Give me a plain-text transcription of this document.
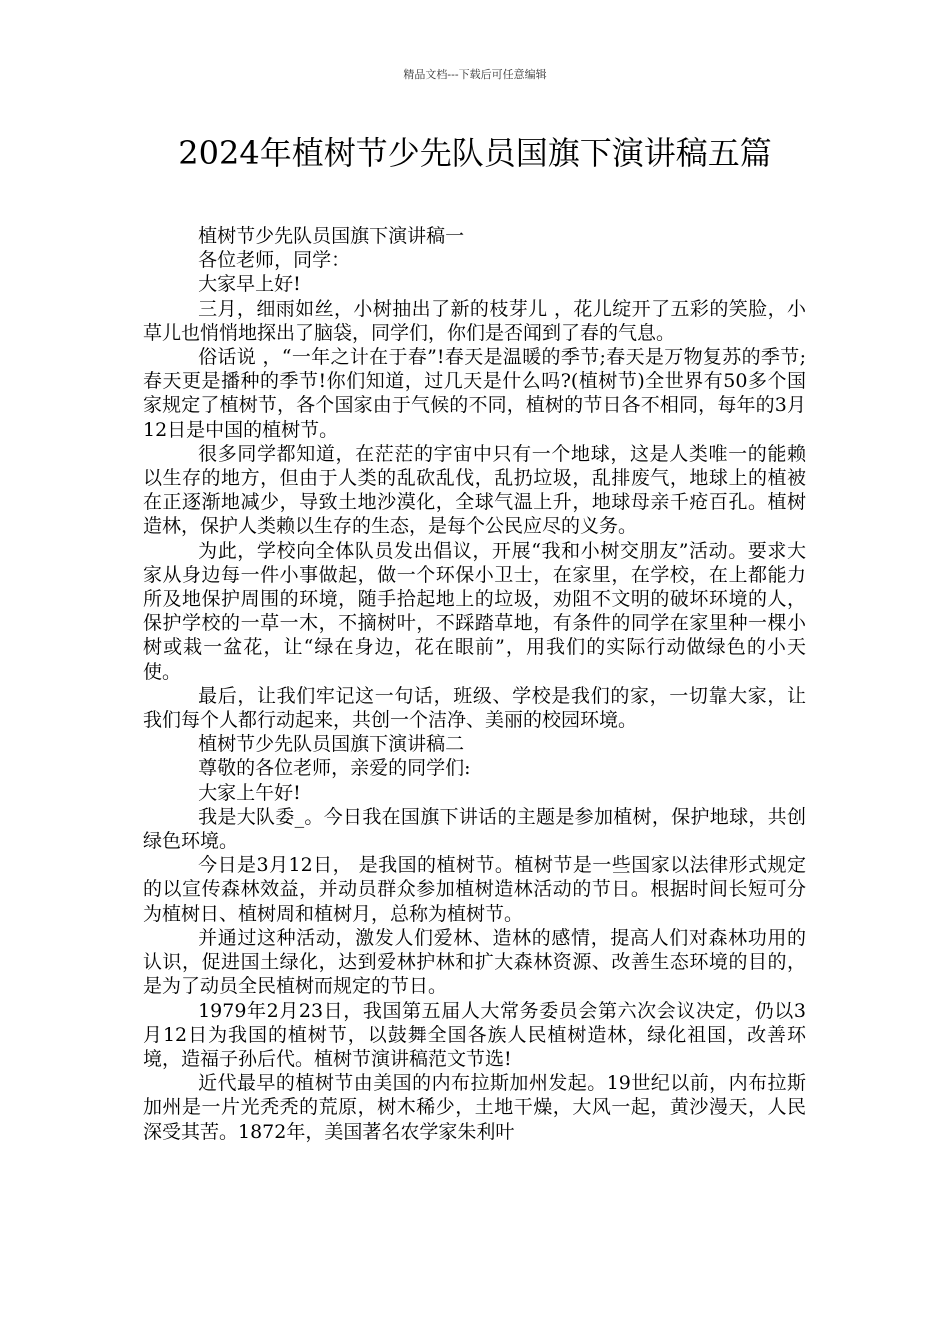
精品文档---下载后可任意编辑
2024年植树节少先队员国旗下演讲稿五篇

植树节少先队员国旗下演讲稿一

各位老师，同学：

大家早上好!

三月，细雨如丝，小树抽出了新的枝芽儿 ，花儿绽开了五彩的笑脸，小草儿也悄悄地探出了脑袋，同学们，你们是否闻到了春的气息。

俗话说 ，“一年之计在于春”!春天是温暖的季节;春天是万物复苏的季节;春天更是播种的季节!你们知道，过几天是什么吗?(植树节)全世界有50多个国家规定了植树节，各个国家由于气候的不同，植树的节日各不相同，每年的3月12日是中国的植树节。

很多同学都知道，在茫茫的宇宙中只有一个地球，这是人类唯一的能赖以生存的地方，但由于人类的乱砍乱伐，乱扔垃圾，乱排废气，地球上的植被在正逐渐地减少，导致土地沙漠化，全球气温上升，地球母亲千疮百孔。植树造林，保护人类赖以生存的生态，是每个公民应尽的义务。

为此，学校向全体队员发出倡议，开展“我和小树交朋友”活动。要求大家从身边每一件小事做起，做一个环保小卫士，在家里，在学校，在上都能力所及地保护周围的环境，随手拾起地上的垃圾，劝阻不文明的破坏环境的人，保护学校的一草一木，不摘树叶，不踩踏草地，有条件的同学在家里种一棵小树或栽一盆花，让“绿在身边，花在眼前”，用我们的实际行动做绿色的小天使。

最后，让我们牢记这一句话，班级、学校是我们的家，一切靠大家，让我们每个人都行动起来，共创一个洁净、美丽的校园环境。

植树节少先队员国旗下演讲稿二

尊敬的各位老师，亲爱的同学们:

大家上午好!

我是大队委_。今日我在国旗下讲话的主题是参加植树，保护地球，共创绿色环境。

今日是3月12日， 是我国的植树节。植树节是一些国家以法律形式规定的以宣传森林效益，并动员群众参加植树造林活动的节日。根据时间长短可分为植树日、植树周和植树月，总称为植树节。

并通过这种活动，激发人们爱林、造林的感情，提高人们对森林功用的认识，促进国土绿化，达到爱林护林和扩大森林资源、改善生态环境的目的，是为了动员全民植树而规定的节日。

1979年2月23日，我国第五届人大常务委员会第六次会议决定，仍以3月12日为我国的植树节，以鼓舞全国各族人民植树造林，绿化祖国，改善环境，造福子孙后代。植树节演讲稿范文节选!

近代最早的植树节由美国的内布拉斯加州发起。19世纪以前，内布拉斯加州是一片光秃秃的荒原，树木稀少，土地干燥，大风一起，黄沙漫天，人民深受其苦。1872年，美国著名农学家朱利叶
